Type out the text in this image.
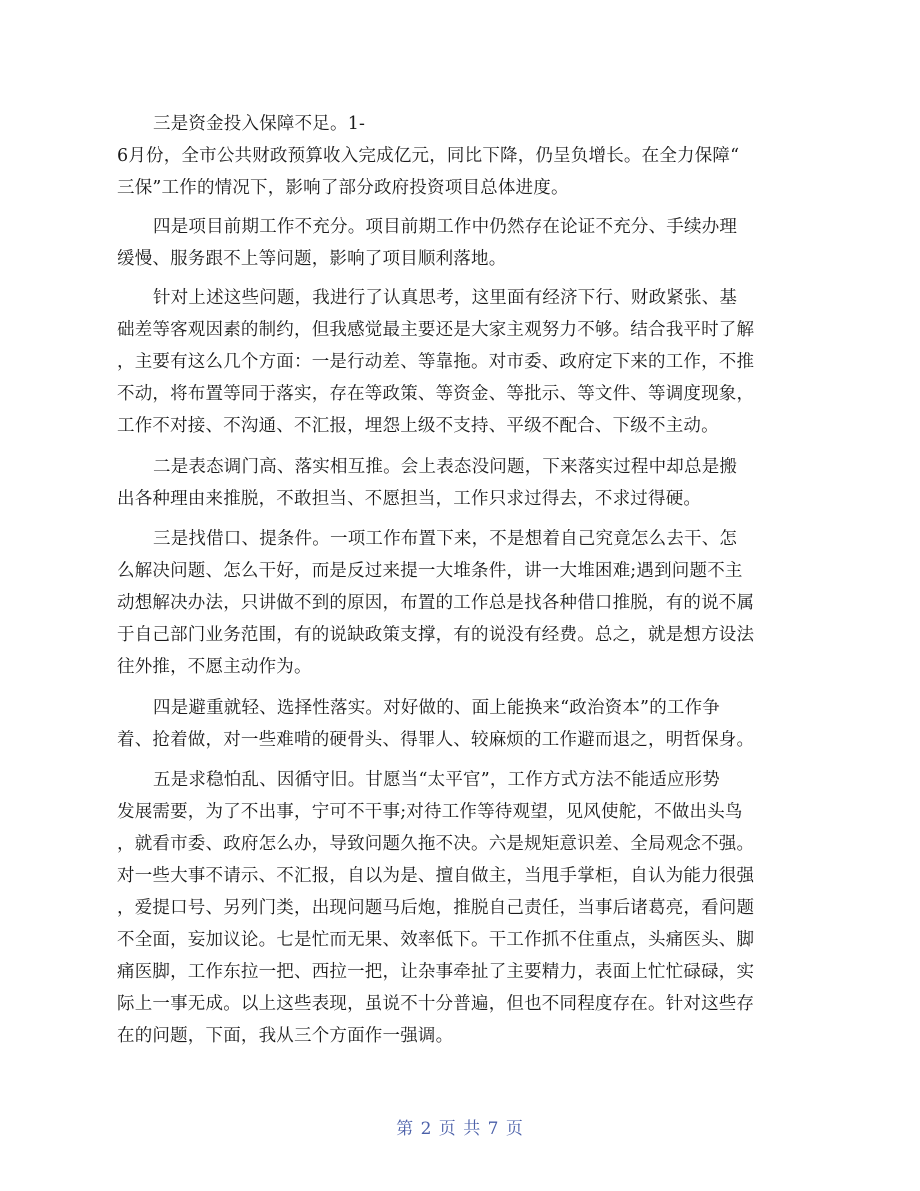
三是资金投入保障不足。1-
6月份，全市公共财政预算收入完成亿元，同比下降，仍呈负增长。在全力保障“
三保”工作的情况下，影响了部分政府投资项目总体进度。
四是项目前期工作不充分。项目前期工作中仍然存在论证不充分、手续办理
缓慢、服务跟不上等问题，影响了项目顺利落地。
针对上述这些问题，我进行了认真思考，这里面有经济下行、财政紧张、基
础差等客观因素的制约，但我感觉最主要还是大家主观努力不够。结合我平时了解
，主要有这么几个方面：一是行动差、等靠拖。对市委、政府定下来的工作，不推
不动，将布置等同于落实，存在等政策、等资金、等批示、等文件、等调度现象，
工作不对接、不沟通、不汇报，埋怨上级不支持、平级不配合、下级不主动。
二是表态调门高、落实相互推。会上表态没问题，下来落实过程中却总是搬
出各种理由来推脱，不敢担当、不愿担当，工作只求过得去，不求过得硬。
三是找借口、提条件。一项工作布置下来，不是想着自己究竟怎么去干、怎
么解决问题、怎么干好，而是反过来提一大堆条件，讲一大堆困难;遇到问题不主
动想解决办法，只讲做不到的原因，布置的工作总是找各种借口推脱，有的说不属
于自己部门业务范围，有的说缺政策支撑，有的说没有经费。总之，就是想方设法
往外推，不愿主动作为。
四是避重就轻、选择性落实。对好做的、面上能换来“政治资本”的工作争
着、抢着做，对一些难啃的硬骨头、得罪人、较麻烦的工作避而退之，明哲保身。
五是求稳怕乱、因循守旧。甘愿当“太平官”，工作方式方法不能适应形势
发展需要，为了不出事，宁可不干事;对待工作等待观望，见风使舵，不做出头鸟
，就看市委、政府怎么办，导致问题久拖不决。六是规矩意识差、全局观念不强。
对一些大事不请示、不汇报，自以为是、擅自做主，当甩手掌柜，自认为能力很强
，爱提口号、另列门类，出现问题马后炮，推脱自己责任，当事后诸葛亮，看问题
不全面，妄加议论。七是忙而无果、效率低下。干工作抓不住重点，头痛医头、脚
痛医脚，工作东拉一把、西拉一把，让杂事牵扯了主要精力，表面上忙忙碌碌，实
际上一事无成。以上这些表现，虽说不十分普遍，但也不同程度存在。针对这些存
在的问题，下面，我从三个方面作一强调。
第 2 页 共 7 页
